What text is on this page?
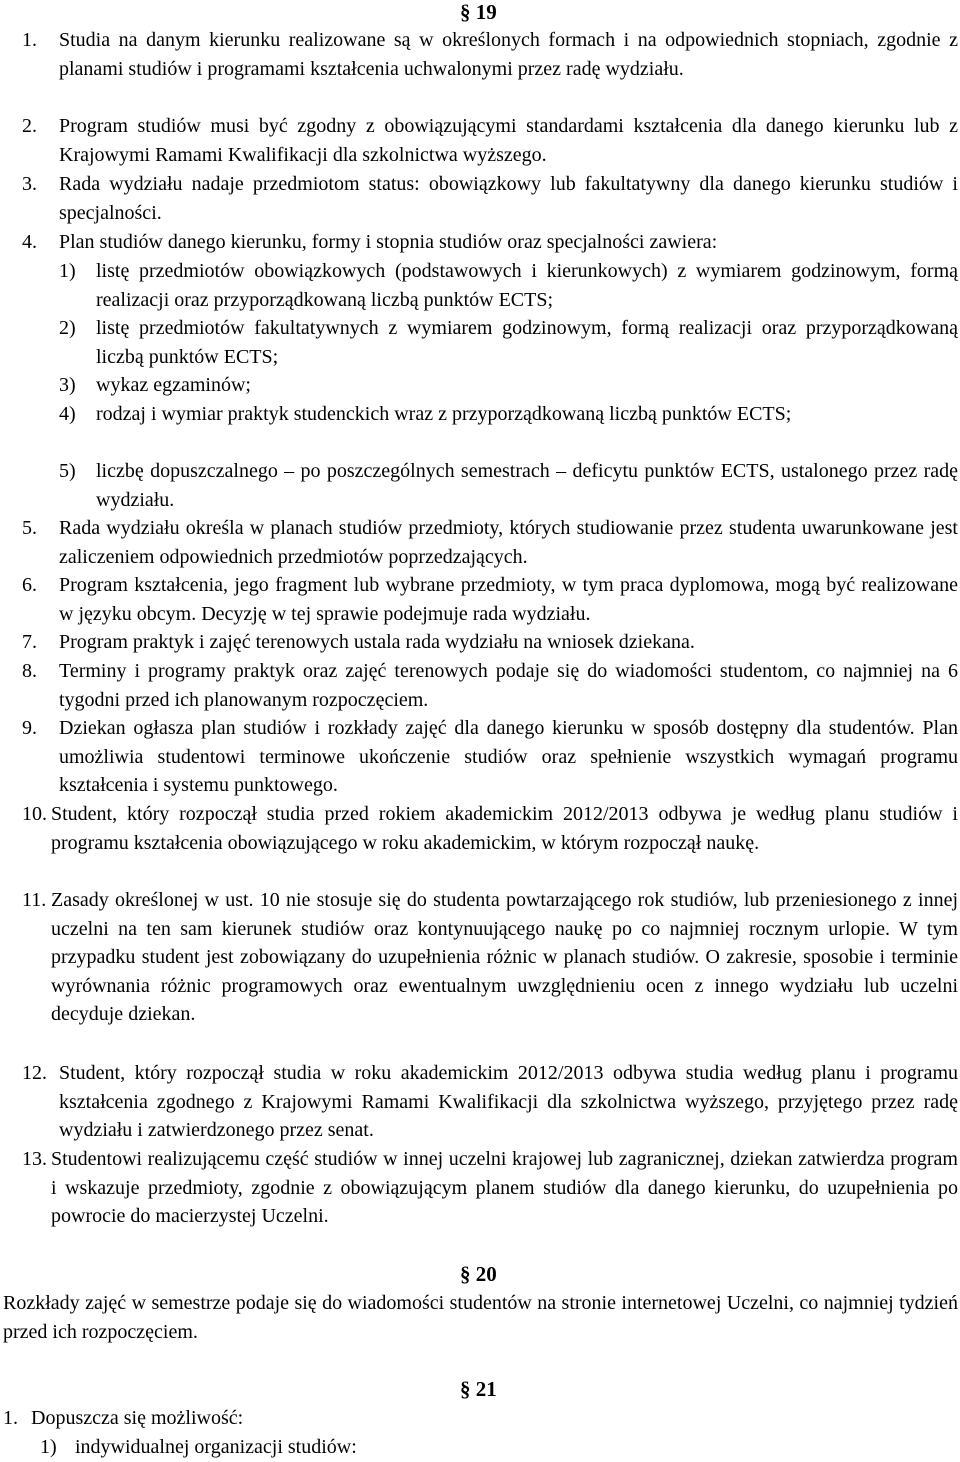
§ 19
1. Studia na danym kierunku realizowane są w określonych formach i na odpowiednich stopniach, zgodnie z planami studiów i programami kształcenia uchwalonymi przez radę wydziału.
2. Program studiów musi być zgodny z obowiązującymi standardami kształcenia dla danego kierunku lub z Krajowymi Ramami Kwalifikacji dla szkolnictwa wyższego.
3. Rada wydziału nadaje przedmiotom status: obowiązkowy lub fakultatywny dla danego kierunku studiów i specjalności.
4. Plan studiów danego kierunku, formy i stopnia studiów oraz specjalności zawiera:
1) listę przedmiotów obowiązkowych (podstawowych i kierunkowych) z wymiarem godzinowym, formą realizacji oraz przyporządkowaną liczbą punktów ECTS;
2) listę przedmiotów fakultatywnych z wymiarem godzinowym, formą realizacji oraz przyporządkowaną liczbą punktów ECTS;
3) wykaz egzaminów;
4) rodzaj i wymiar praktyk studenckich wraz z przyporządkowaną liczbą punktów ECTS;
5) liczbę dopuszczalnego – po poszczególnych semestrach – deficytu punktów ECTS, ustalonego przez radę wydziału.
5. Rada wydziału określa w planach studiów przedmioty, których studiowanie przez studenta uwarunkowane jest zaliczeniem odpowiednich przedmiotów poprzedzających.
6. Program kształcenia, jego fragment lub wybrane przedmioty, w tym praca dyplomowa, mogą być realizowane w języku obcym. Decyzję w tej sprawie podejmuje rada wydziału.
7. Program praktyk i zajęć terenowych ustala rada wydziału na wniosek dziekana.
8. Terminy i programy praktyk oraz zajęć terenowych podaje się do wiadomości studentom, co najmniej na 6 tygodni przed ich planowanym rozpoczęciem.
9. Dziekan ogłasza plan studiów i rozkłady zajęć dla danego kierunku w sposób dostępny dla studentów. Plan umożliwia studentowi terminowe ukończenie studiów oraz spełnienie wszystkich wymagań programu kształcenia i systemu punktowego.
10. Student, który rozpoczął studia przed rokiem akademickim 2012/2013 odbywa je według planu studiów i programu kształcenia obowiązującego w roku akademickim, w którym rozpoczął naukę.
11. Zasady określonej w ust. 10 nie stosuje się do studenta powtarzającego rok studiów, lub przeniesionego z innej uczelni na ten sam kierunek studiów oraz kontynuującego naukę po co najmniej rocznym urlopie. W tym przypadku student jest zobowiązany do uzupełnienia różnic w planach studiów. O zakresie, sposobie i terminie wyrównania różnic programowych oraz ewentualnym uwzględnieniu ocen z innego wydziału lub uczelni decyduje dziekan.
12. Student, który rozpoczął studia w roku akademickim 2012/2013 odbywa studia według planu i programu kształcenia zgodnego z Krajowymi Ramami Kwalifikacji dla szkolnictwa wyższego, przyjętego przez radę wydziału i zatwierdzonego przez senat.
13. Studentowi realizującemu część studiów w innej uczelni krajowej lub zagranicznej, dziekan zatwierdza program i wskazuje przedmioty, zgodnie z obowiązującym planem studiów dla danego kierunku, do uzupełnienia po powrocie do macierzystej Uczelni.
§ 20
Rozkłady zajęć w semestrze podaje się do wiadomości studentów na stronie internetowej Uczelni, co najmniej tydzień przed ich rozpoczęciem.
§ 21
1. Dopuszcza się możliwość:
1) indywidualnej organizacji studiów:
